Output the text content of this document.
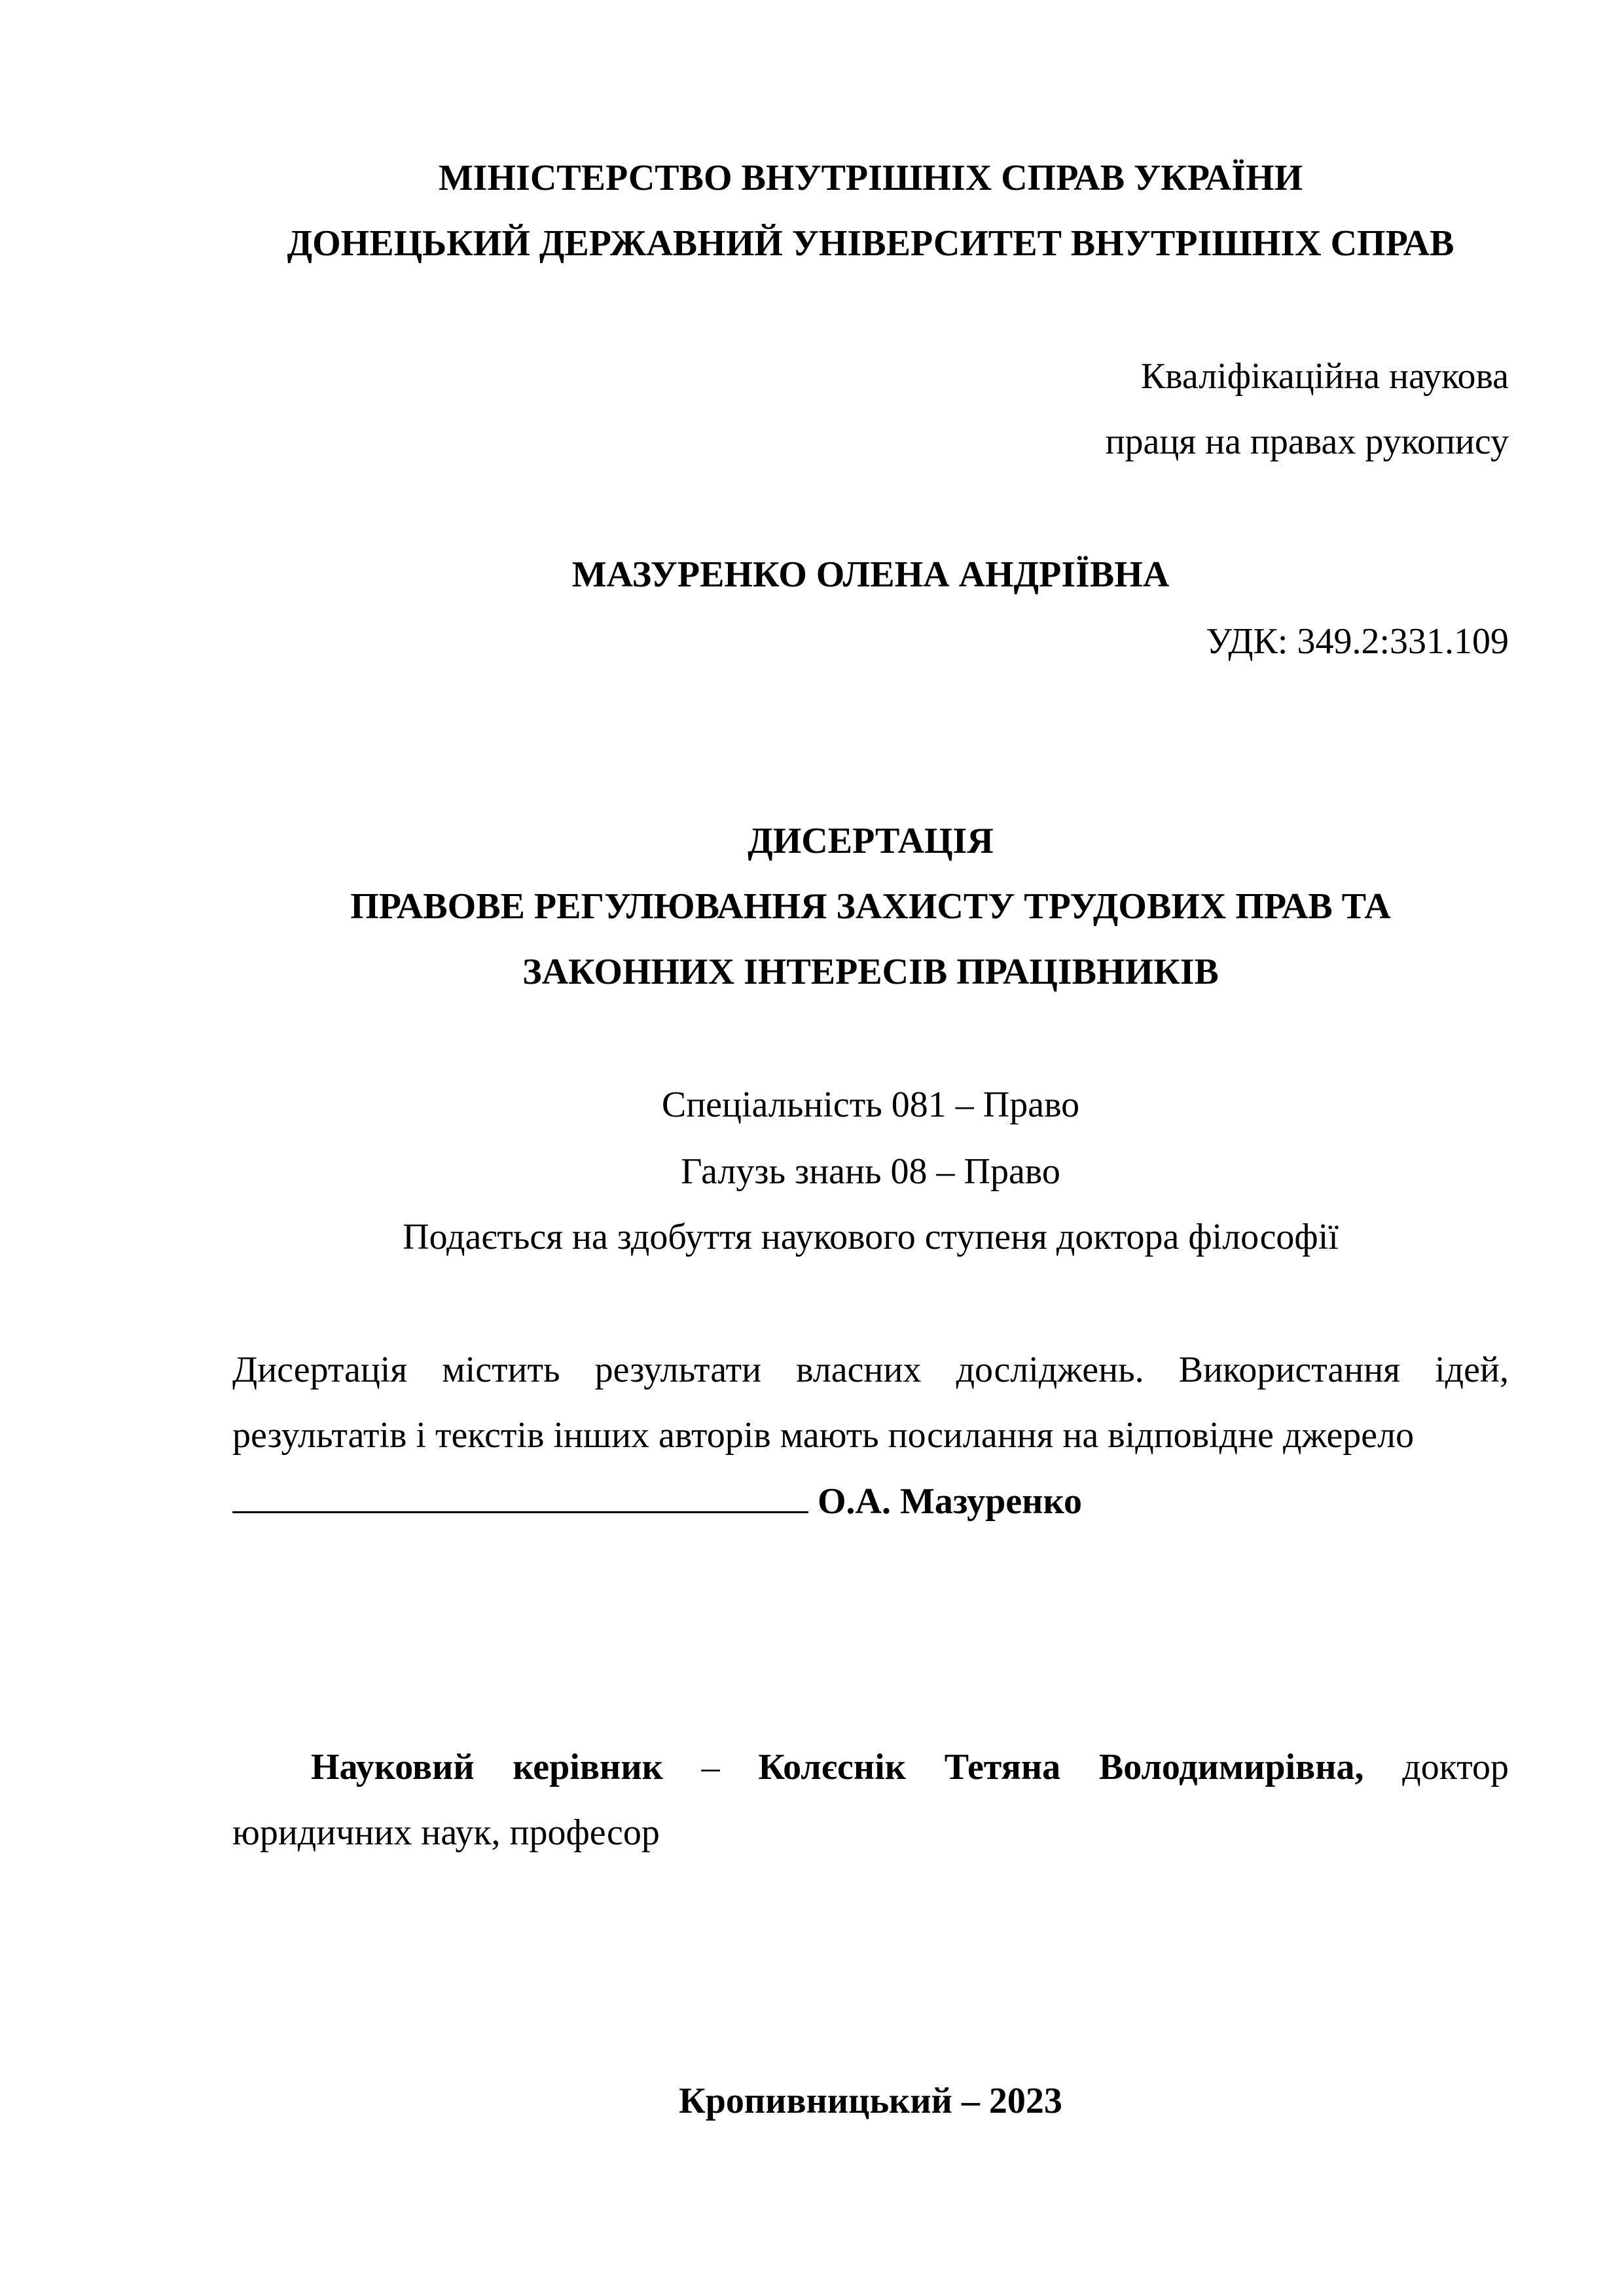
МІНІСТЕРСТВО ВНУТРІШНІХ СПРАВ УКРАЇНИ
ДОНЕЦЬКИЙ ДЕРЖАВНИЙ УНІВЕРСИТЕТ ВНУТРІШНІХ СПРАВ
Кваліфікаційна наукова
праця на правах рукопису
МАЗУРЕНКО ОЛЕНА АНДРІЇВНА
УДК: 349.2:331.109
ДИСЕРТАЦІЯ
ПРАВОВЕ РЕГУЛЮВАННЯ ЗАХИСТУ ТРУДОВИХ ПРАВ ТА
ЗАКОННИХ ІНТЕРЕСІВ ПРАЦІВНИКІВ
Спеціальність 081 – Право
Галузь знань 08 – Право
Подається на здобуття наукового ступеня доктора філософії
Дисертація містить результати власних досліджень. Використання ідей,
результатів і текстів інших авторів мають посилання на відповідне джерело
О.А. Мазуренко
Науковий керівник – Колєснік Тетяна Володимирівна, доктор
юридичних наук, професор
Кропивницький – 2023
